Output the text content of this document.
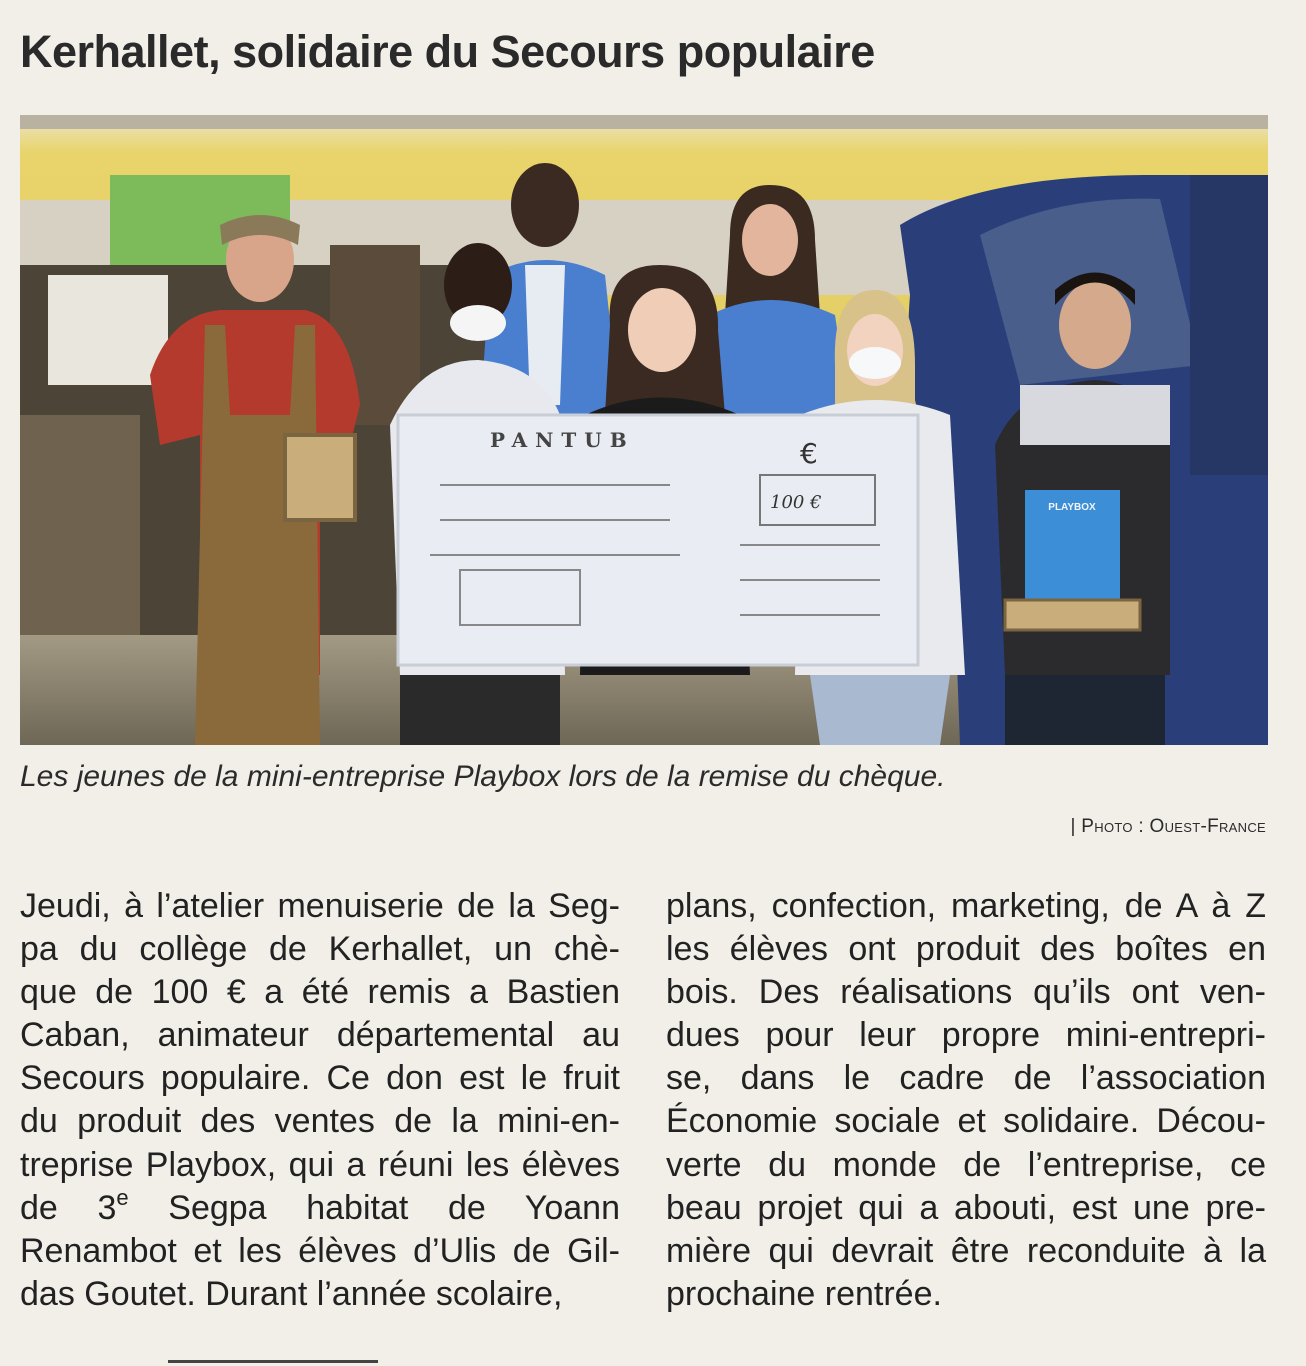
Kerhallet, solidaire du Secours populaire
PLAYBOX
PANTUB	€
100 €
Les jeunes de la mini-entreprise Playbox lors de la remise du chèque.
| Photo : Ouest-France
Jeudi, à l’atelier menuiserie de la Seg-
pa du collège de Kerhallet, un chè-
que de 100 € a été remis a Bastien
Caban, animateur départemental au
Secours populaire. Ce don est le fruit
du produit des ventes de la mini-en-
treprise Playbox, qui a réuni les élèves
de 3e Segpa habitat de Yoann
Renambot et les élèves d’Ulis de Gil-
das Goutet. Durant l’année scolaire,
plans, confection, marketing, de A à Z
les élèves ont produit des boîtes en
bois. Des réalisations qu’ils ont ven-
dues pour leur propre mini-entrepri-
se, dans le cadre de l’association
Économie sociale et solidaire. Décou-
verte du monde de l’entreprise, ce
beau projet qui a abouti, est une pre-
mière qui devrait être reconduite à la
prochaine rentrée.
